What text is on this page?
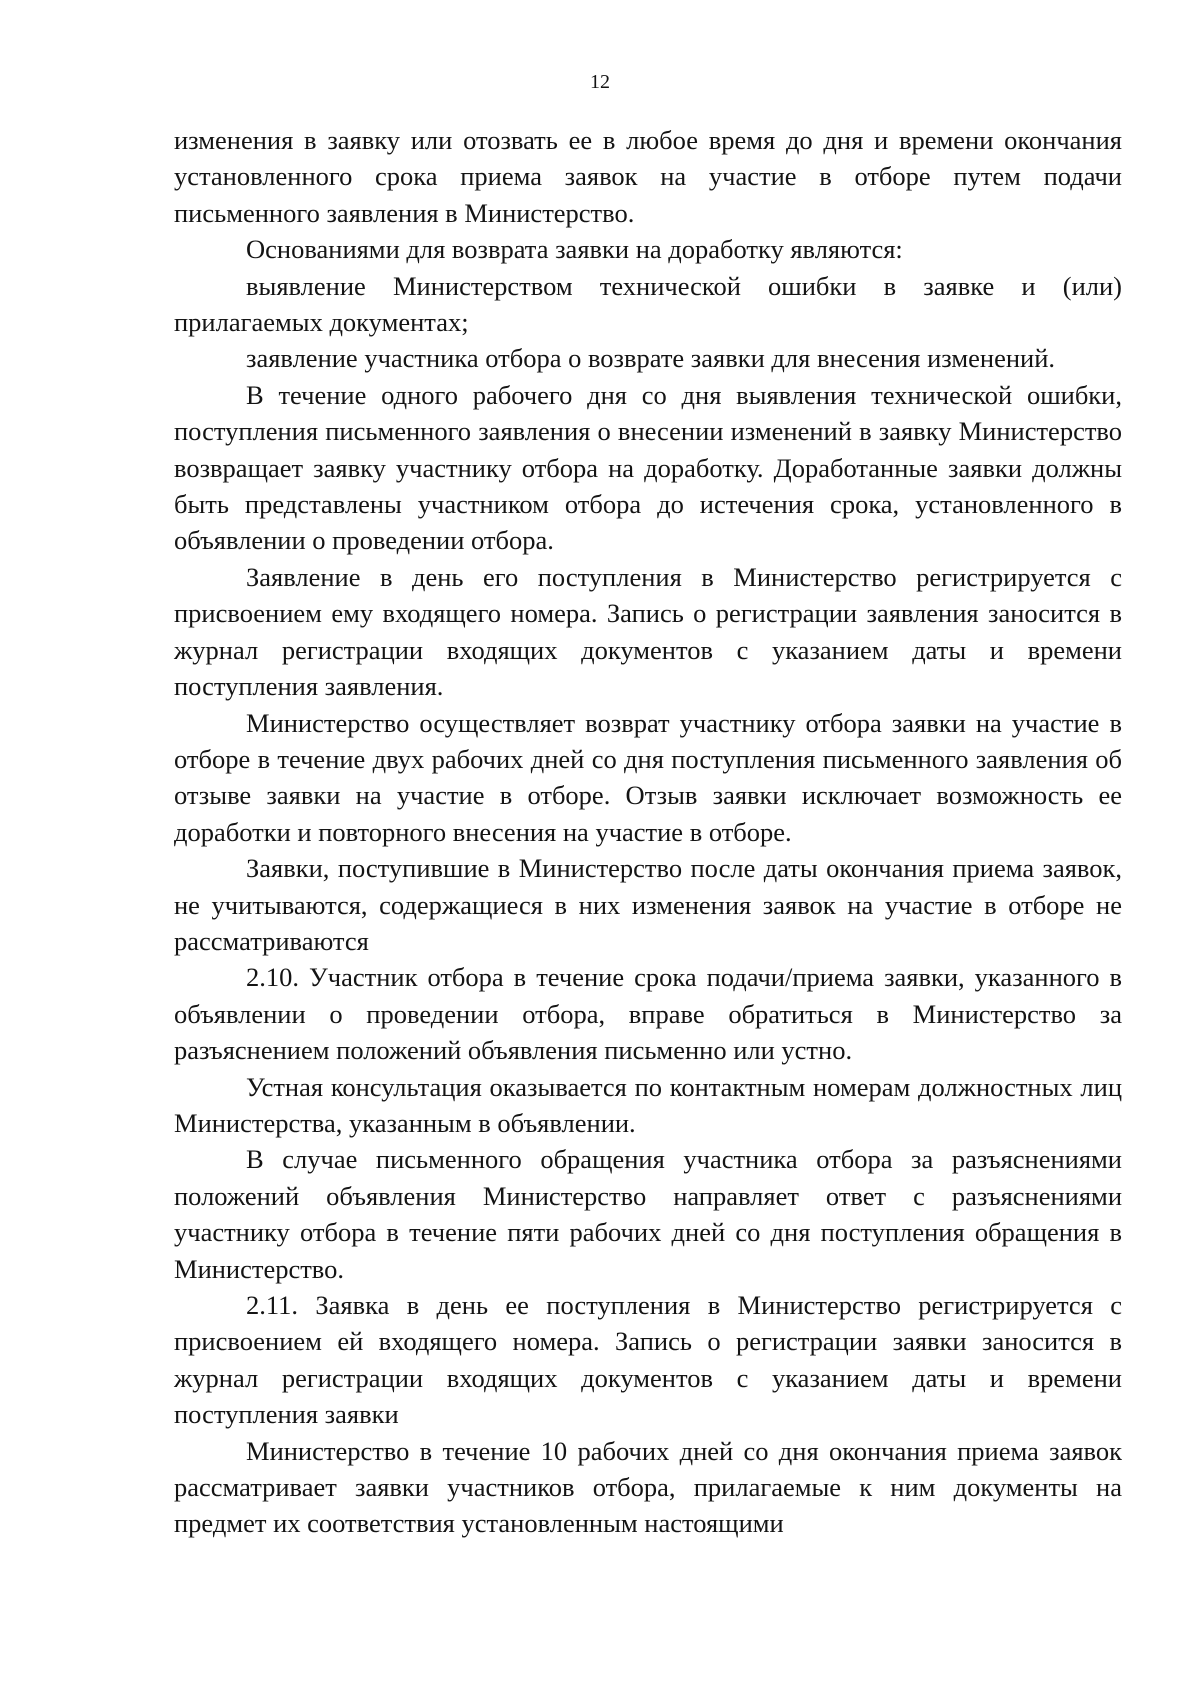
12

изменения в заявку или отозвать ее в любое время до дня и времени окончания установленного срока приема заявок на участие в отборе путем подачи письменного заявления в Министерство.

Основаниями для возврата заявки на доработку являются:

выявление Министерством технической ошибки в заявке и (или) прилагаемых документах;

заявление участника отбора о возврате заявки для внесения изменений.

В течение одного рабочего дня со дня выявления технической ошибки, поступления письменного заявления о внесении изменений в заявку Министерство возвращает заявку участнику отбора на доработку. Доработанные заявки должны быть представлены участником отбора до истечения срока, установленного в объявлении о проведении отбора.

Заявление в день его поступления в Министерство регистрируется с присвоением ему входящего номера. Запись о регистрации заявления заносится в журнал регистрации входящих документов с указанием даты и времени поступления заявления.

Министерство осуществляет возврат участнику отбора заявки на участие в отборе в течение двух рабочих дней со дня поступления письменного заявления об отзыве заявки на участие в отборе. Отзыв заявки исключает возможность ее доработки и повторного внесения на участие в отборе.

Заявки, поступившие в Министерство после даты окончания приема заявок, не учитываются, содержащиеся в них изменения заявок на участие в отборе не рассматриваются

2.10. Участник отбора в течение срока подачи/приема заявки, указанного в объявлении о проведении отбора, вправе обратиться в Министерство за разъяснением положений объявления письменно или устно.

Устная консультация оказывается по контактным номерам должностных лиц Министерства, указанным в объявлении.

В случае письменного обращения участника отбора за разъяснениями положений объявления Министерство направляет ответ с разъяснениями участнику отбора в течение пяти рабочих дней со дня поступления обращения в Министерство.

2.11. Заявка в день ее поступления в Министерство регистрируется с присвоением ей входящего номера. Запись о регистрации заявки заносится в журнал регистрации входящих документов с указанием даты и времени поступления заявки

Министерство в течение 10 рабочих дней со дня окончания приема заявок рассматривает заявки участников отбора, прилагаемые к ним документы на предмет их соответствия установленным настоящими
